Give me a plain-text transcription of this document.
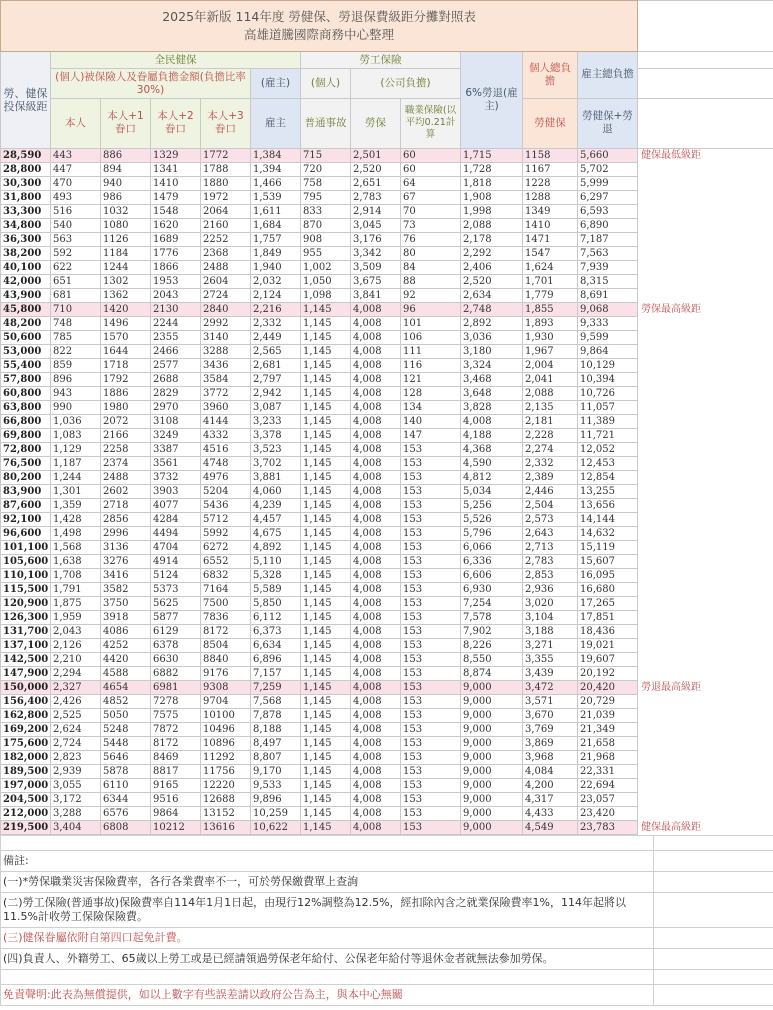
2025年新版 114年度 勞健保、勞退保費級距分攤對照表
高雄道騰國際商務中心整理												

勞、健保投保級距	全民健保					勞工保險			6%勞退(雇主)	個人總負擔	雇主總負擔	
	(個人)被保險人及眷屬負擔金額(負擔比率30%)				(雇主)	(個人)	(公司負擔)					
	本人	本人+1眷口	本人+2眷口	本人+3眷口	雇主	普通事故	勞保	職業保險(以平均0.21計算		勞健保	勞健保+勞退	
28,590	443	886	1329	1772	1,384	715	2,501	60	1,715	1158	5,660	健保最低級距
28,800	447	894	1341	1788	1,394	720	2,520	60	1,728	1167	5,702	
30,300	470	940	1410	1880	1,466	758	2,651	64	1,818	1228	5,999	
31,800	493	986	1479	1972	1,539	795	2,783	67	1,908	1288	6,297	
33,300	516	1032	1548	2064	1,611	833	2,914	70	1,998	1349	6,593	
34,800	540	1080	1620	2160	1,684	870	3,045	73	2,088	1410	6,890	
36,300	563	1126	1689	2252	1,757	908	3,176	76	2,178	1471	7,187	
38,200	592	1184	1776	2368	1,849	955	3,342	80	2,292	1547	7,563	
40,100	622	1244	1866	2488	1,940	1,002	3,509	84	2,406	1,624	7,939	
42,000	651	1302	1953	2604	2,032	1,050	3,675	88	2,520	1,701	8,315	
43,900	681	1362	2043	2724	2,124	1,098	3,841	92	2,634	1,779	8,691	
45,800	710	1420	2130	2840	2,216	1,145	4,008	96	2,748	1,855	9,068	勞保最高級距
48,200	748	1496	2244	2992	2,332	1,145	4,008	101	2,892	1,893	9,333	
50,600	785	1570	2355	3140	2,449	1,145	4,008	106	3,036	1,930	9,599	
53,000	822	1644	2466	3288	2,565	1,145	4,008	111	3,180	1,967	9,864	
55,400	859	1718	2577	3436	2,681	1,145	4,008	116	3,324	2,004	10,129	
57,800	896	1792	2688	3584	2,797	1,145	4,008	121	3,468	2,041	10,394	
60,800	943	1886	2829	3772	2,942	1,145	4,008	128	3,648	2,088	10,726	
63,800	990	1980	2970	3960	3,087	1,145	4,008	134	3,828	2,135	11,057	
66,800	1,036	2072	3108	4144	3,233	1,145	4,008	140	4,008	2,181	11,389	
69,800	1,083	2166	3249	4332	3,378	1,145	4,008	147	4,188	2,228	11,721	
72,800	1,129	2258	3387	4516	3,523	1,145	4,008	153	4,368	2,274	12,052	
76,500	1,187	2374	3561	4748	3,702	1,145	4,008	153	4,590	2,332	12,453	
80,200	1,244	2488	3732	4976	3,881	1,145	4,008	153	4,812	2,389	12,854	
83,900	1,301	2602	3903	5204	4,060	1,145	4,008	153	5,034	2,446	13,255	
87,600	1,359	2718	4077	5436	4,239	1,145	4,008	153	5,256	2,504	13,656	
92,100	1,428	2856	4284	5712	4,457	1,145	4,008	153	5,526	2,573	14,144	
96,600	1,498	2996	4494	5992	4,675	1,145	4,008	153	5,796	2,643	14,632	
101,100	1,568	3136	4704	6272	4,892	1,145	4,008	153	6,066	2,713	15,119	
105,600	1,638	3276	4914	6552	5,110	1,145	4,008	153	6,336	2,783	15,607	
110,100	1,708	3416	5124	6832	5,328	1,145	4,008	153	6,606	2,853	16,095	
115,500	1,791	3582	5373	7164	5,589	1,145	4,008	153	6,930	2,936	16,680	
120,900	1,875	3750	5625	7500	5,850	1,145	4,008	153	7,254	3,020	17,265	
126,300	1,959	3918	5877	7836	6,112	1,145	4,008	153	7,578	3,104	17,851	
131,700	2,043	4086	6129	8172	6,373	1,145	4,008	153	7,902	3,188	18,436	
137,100	2,126	4252	6378	8504	6,634	1,145	4,008	153	8,226	3,271	19,021	
142,500	2,210	4420	6630	8840	6,896	1,145	4,008	153	8,550	3,355	19,607	
147,900	2,294	4588	6882	9176	7,157	1,145	4,008	153	8,874	3,439	20,192	
150,000	2,327	4654	6981	9308	7,259	1,145	4,008	153	9,000	3,472	20,420	勞退最高級距
156,400	2,426	4852	7278	9704	7,568	1,145	4,008	153	9,000	3,571	20,729	
162,800	2,525	5050	7575	10100	7,878	1,145	4,008	153	9,000	3,670	21,039	
169,200	2,624	5248	7872	10496	8,188	1,145	4,008	153	9,000	3,769	21,349	
175,600	2,724	5448	8172	10896	8,497	1,145	4,008	153	9,000	3,869	21,658	
182,000	2,823	5646	8469	11292	8,807	1,145	4,008	153	9,000	3,968	21,968	
189,500	2,939	5878	8817	11756	9,170	1,145	4,008	153	9,000	4,084	22,331	
197,000	3,055	6110	9165	12220	9,533	1,145	4,008	153	9,000	4,200	22,694	
204,500	3,172	6344	9516	12688	9,896	1,145	4,008	153	9,000	4,317	23,057	
212,000	3,288	6576	9864	13152	10,259	1,145	4,008	153	9,000	4,433	23,420	
219,500	3,404	6808	10212	13616	10,622	1,145	4,008	153	9,000	4,549	23,783	健保最高級距

備註:	
(一)*勞保職業災害保險費率，各行各業費率不一，可於勞保繳費單上查詢	
(二)勞工保險(普通事故)保險費率自114年1月1日起，由現行12%調整為12.5%，經扣除內含之就業保險費率1%，114年起將以11.5%計收勞工保險保險費。	
(三)健保眷屬依附自第四口起免計費。	
(四)負責人、外籍勞工、65歲以上勞工或是已經請領過勞保老年給付、公保老年給付等退休金者就無法參加勞保。	

免責聲明:此表為無償提供，如以上數字有些誤差請以政府公告為主，與本中心無關	
